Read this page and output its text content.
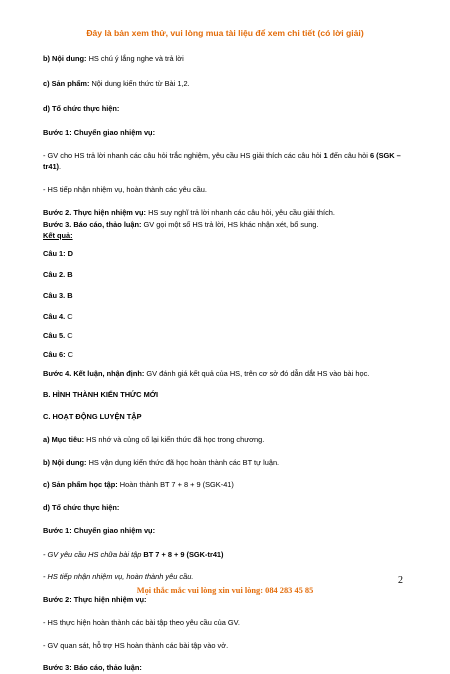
Đây là bản xem thử, vui lòng mua tài liệu để xem chi tiết (có lời giải)
b) Nội dung: HS chú ý lắng nghe và trả lời
c) Sản phẩm: Nội dung kiến thức từ Bài 1,2.
d) Tổ chức thực hiện:
Bước 1: Chuyển giao nhiệm vụ:
- GV cho HS trả lời nhanh các câu hỏi trắc nghiệm, yêu cầu HS giải thích các câu hỏi 1 đến câu hỏi 6 (SGK – tr41).
- HS tiếp nhận nhiệm vụ, hoàn thành các yêu cầu.
Bước 2. Thực hiện nhiệm vụ: HS suy nghĩ trả lời nhanh các câu hỏi, yêu cầu giải thích.
Bước 3. Báo cáo, thảo luận: GV gọi một số HS trả lời, HS khác nhận xét, bổ sung.
Kết quả:
Câu 1: D
Câu 2. B
Câu 3. B
Câu 4. C
Câu 5. C
Câu 6: C
Bước 4. Kết luận, nhận định: GV đánh giá kết quả của HS, trên cơ sở đó dẫn dắt HS vào bài học.
B. HÌNH THÀNH KIẾN THỨC MỚI
C. HOẠT ĐỘNG LUYỆN TẬP
a) Mục tiêu: HS nhớ và củng cố lại kiến thức đã học trong chương.
b) Nội dung: HS vận dụng kiến thức đã học hoàn thành các BT tự luận.
c) Sản phẩm học tập: Hoàn thành BT 7 + 8 + 9 (SGK-41)
d) Tổ chức thực hiện:
Bước 1: Chuyển giao nhiệm vụ:
- GV yêu cầu HS chữa bài tập BT 7 + 8 + 9 (SGK-tr41)
- HS tiếp nhận nhiệm vụ, hoàn thành yêu cầu.
Bước 2: Thực hiện nhiệm vụ:
- HS thực hiện hoàn thành các bài tập theo yêu cầu của GV.
- GV quan sát, hỗ trợ HS hoàn thành các bài tập vào vở.
Bước 3: Báo cáo, thảo luận:
2
Mọi thắc mắc vui lòng xin vui lòng: 084 283 45 85
